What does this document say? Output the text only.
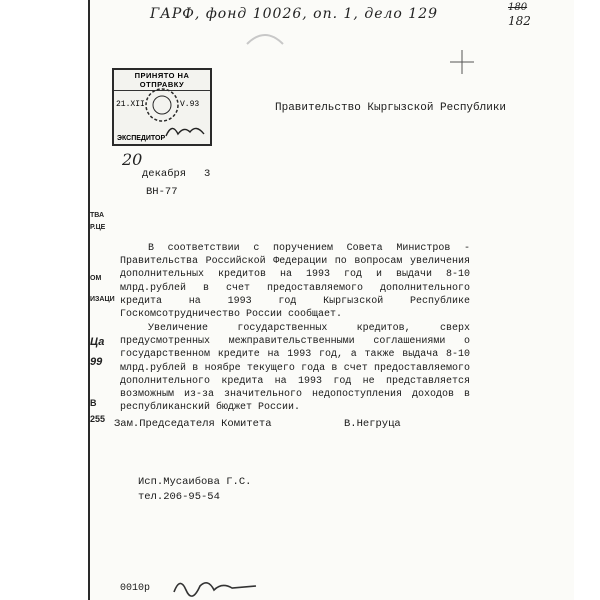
ГАРФ, фонд 10026, оп. 1, дело 129	180
182
Правительство Кыргызской Республики
20
декабря 3
ВН-77
В соответствии с поручением Совета Министров - Правительства Российской Федерации по вопросам увеличения дополнительных кредитов на 1993 год и выдачи 8-10 млрд.рублей в счет предоставляемого дополнительного кредита на 1993 год Кыргызской Республике Госкомсотрудничество России сообщает.
Увеличение государственных кредитов, сверх предусмотренных межправительственными соглашениями о государственном кредите на 1993 год, а также выдача 8-10 млрд.рублей в ноябре текущего года в счет предоставляемого дополнительного кредита на 1993 год не представляется возможным из-за значительного недопоступления доходов в республиканский бюджет России.
Зам.Председателя Комитета	В.Негруца
Исп.Мусаибова Г.С.
тел.206-95-54
0010р
ТВА
Р.ЦЕ
ОМ
ИЗАЦИ
Ца
99
В
255
ПРИНЯТО НА ОТПРАВКУ
21.XII	V.93
ЭКСПЕДИТОР
